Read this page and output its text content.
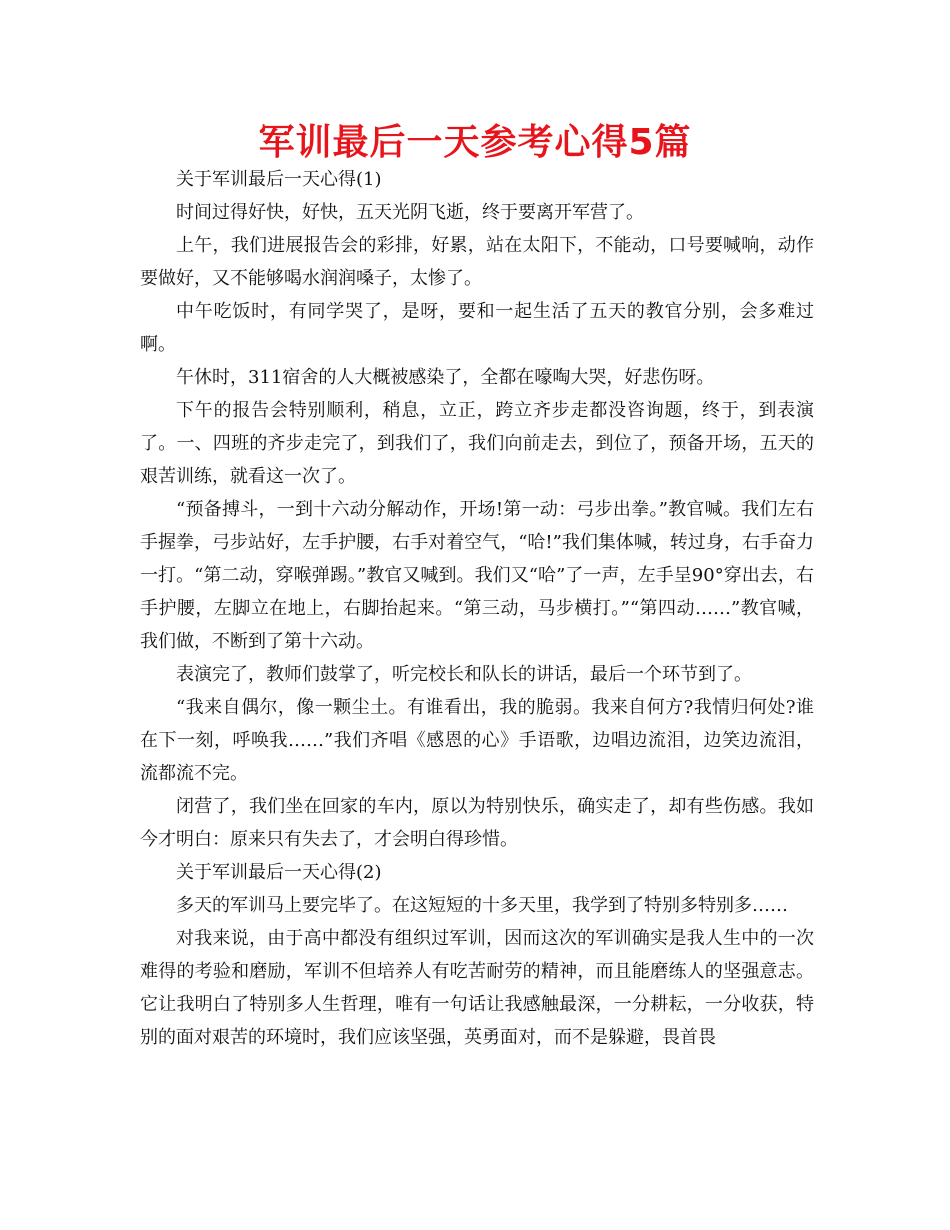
军训最后一天参考心得5篇

关于军训最后一天心得(1)

时间过得好快，好快，五天光阴飞逝，终于要离开军营了。

上午，我们进展报告会的彩排，好累，站在太阳下，不能动，口号要喊响，动作要做好，又不能够喝水润润嗓子，太惨了。

中午吃饭时，有同学哭了，是呀，要和一起生活了五天的教官分别，会多难过啊。

午休时，311宿舍的人大概被感染了，全都在嚎啕大哭，好悲伤呀。

下午的报告会特别顺利，稍息，立正，跨立齐步走都没咨询题，终于，到表演了。一、四班的齐步走完了，到我们了，我们向前走去，到位了，预备开场，五天的艰苦训练，就看这一次了。

“预备搏斗，一到十六动分解动作，开场!第一动：弓步出拳。”教官喊。我们左右手握拳，弓步站好，左手护腰，右手对着空气，“哈!”我们集体喊，转过身，右手奋力一打。“第二动，穿喉弹踢。”教官又喊到。我们又“哈”了一声，左手呈90°穿出去，右手护腰，左脚立在地上，右脚抬起来。“第三动，马步横打。”“第四动……”教官喊，我们做，不断到了第十六动。

表演完了，教师们鼓掌了，听完校长和队长的讲话，最后一个环节到了。

“我来自偶尔，像一颗尘土。有谁看出，我的脆弱。我来自何方?我情归何处?谁在下一刻，呼唤我……”我们齐唱《感恩的心》手语歌，边唱边流泪，边笑边流泪，流都流不完。

闭营了，我们坐在回家的车内，原以为特别快乐，确实走了，却有些伤感。我如今才明白：原来只有失去了，才会明白得珍惜。

关于军训最后一天心得(2)

多天的军训马上要完毕了。在这短短的十多天里，我学到了特别多特别多……

对我来说，由于高中都没有组织过军训，因而这次的军训确实是我人生中的一次难得的考验和磨励，军训不但培养人有吃苦耐劳的精神，而且能磨练人的坚强意志。它让我明白了特别多人生哲理，唯有一句话让我感触最深，一分耕耘，一分收获，特别的面对艰苦的环境时，我们应该坚强，英勇面对，而不是躲避，畏首畏
